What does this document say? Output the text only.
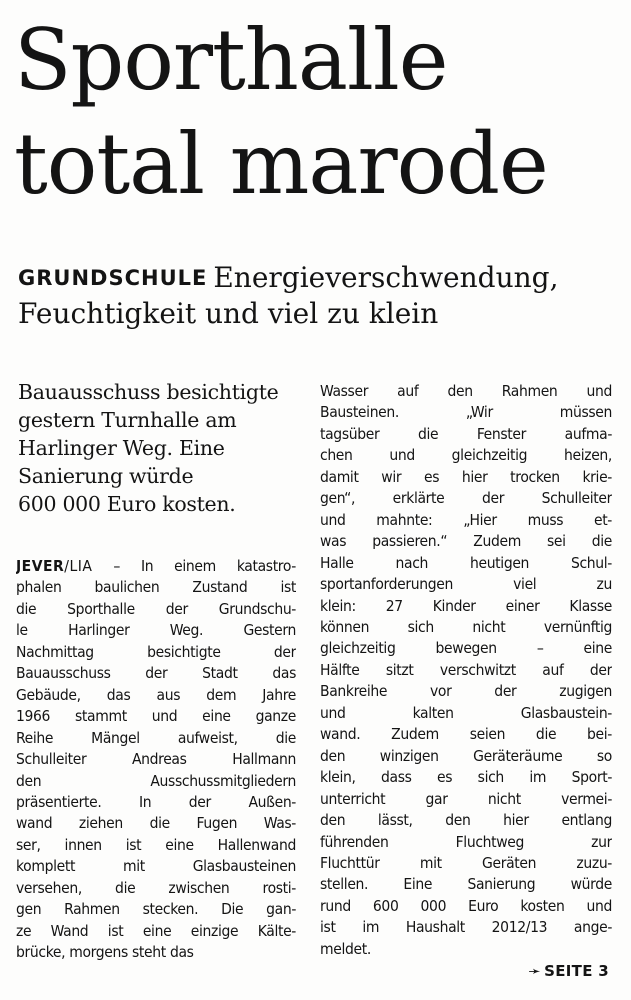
Sporthalle
total marode
GRUNDSCHULE Energieverschwendung,
Feuchtigkeit und viel zu klein
Bauausschuss besichtigte
gestern Turnhalle am
Harlinger Weg. Eine
Sanierung würde
600 000 Euro kosten.
JEVER/LIA – In einem katastro-
phalen baulichen Zustand ist
die Sporthalle der Grundschu-
le Harlinger Weg. Gestern
Nachmittag besichtigte der
Bauausschuss der Stadt das
Gebäude, das aus dem Jahre
1966 stammt und eine ganze
Reihe Mängel aufweist, die
Schulleiter Andreas Hallmann
den Ausschussmitgliedern
präsentierte. In der Außen-
wand ziehen die Fugen Was-
ser, innen ist eine Hallenwand
komplett mit Glasbausteinen
versehen, die zwischen rosti-
gen Rahmen stecken. Die gan-
ze Wand ist eine einzige Kälte-
brücke, morgens steht das
Wasser auf den Rahmen und
Bausteinen. „Wir müssen
tagsüber die Fenster aufma-
chen und gleichzeitig heizen,
damit wir es hier trocken krie-
gen“, erklärte der Schulleiter
und mahnte: „Hier muss et-
was passieren.“ Zudem sei die
Halle nach heutigen Schul-
sportanforderungen viel zu
klein: 27 Kinder einer Klasse
können sich nicht vernünftig
gleichzeitig bewegen – eine
Hälfte sitzt verschwitzt auf der
Bankreihe vor der zugigen
und kalten Glasbaustein-
wand. Zudem seien die bei-
den winzigen Geräteräume so
klein, dass es sich im Sport-
unterricht gar nicht vermei-
den lässt, den hier entlang
führenden Fluchtweg zur
Fluchttür mit Geräten zuzu-
stellen. Eine Sanierung würde
rund 600 000 Euro kosten und
ist im Haushalt 2012/13 ange-
meldet.
➛ SEITE 3
